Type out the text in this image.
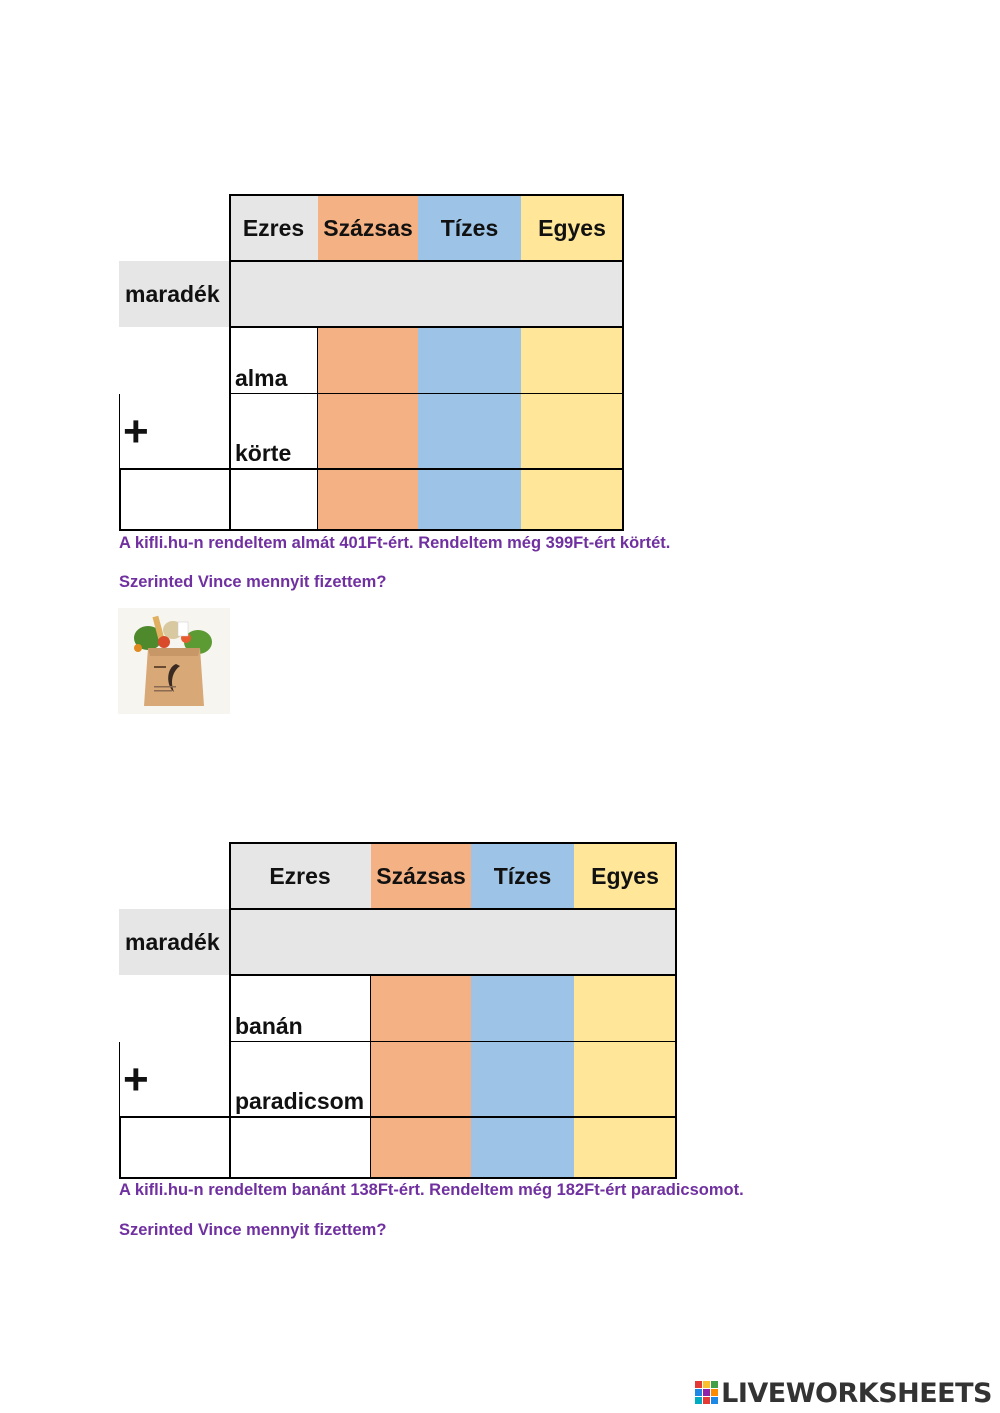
Ezres Százsas	Tízes	Egyes
maradék
alma
+	körte
A kifli.hu-n rendeltem almát 401Ft-ért. Rendeltem még 399Ft-ért körtét.
Szerinted Vince mennyit fizettem?
Ezres	Százsas	Tízes	Egyes
maradék
banán
+	paradicsom
A kifli.hu-n rendeltem banánt 138Ft-ért. Rendeltem még 182Ft-ért paradicsomot.
Szerinted Vince mennyit fizettem?
LIVEWORKSHEETS
